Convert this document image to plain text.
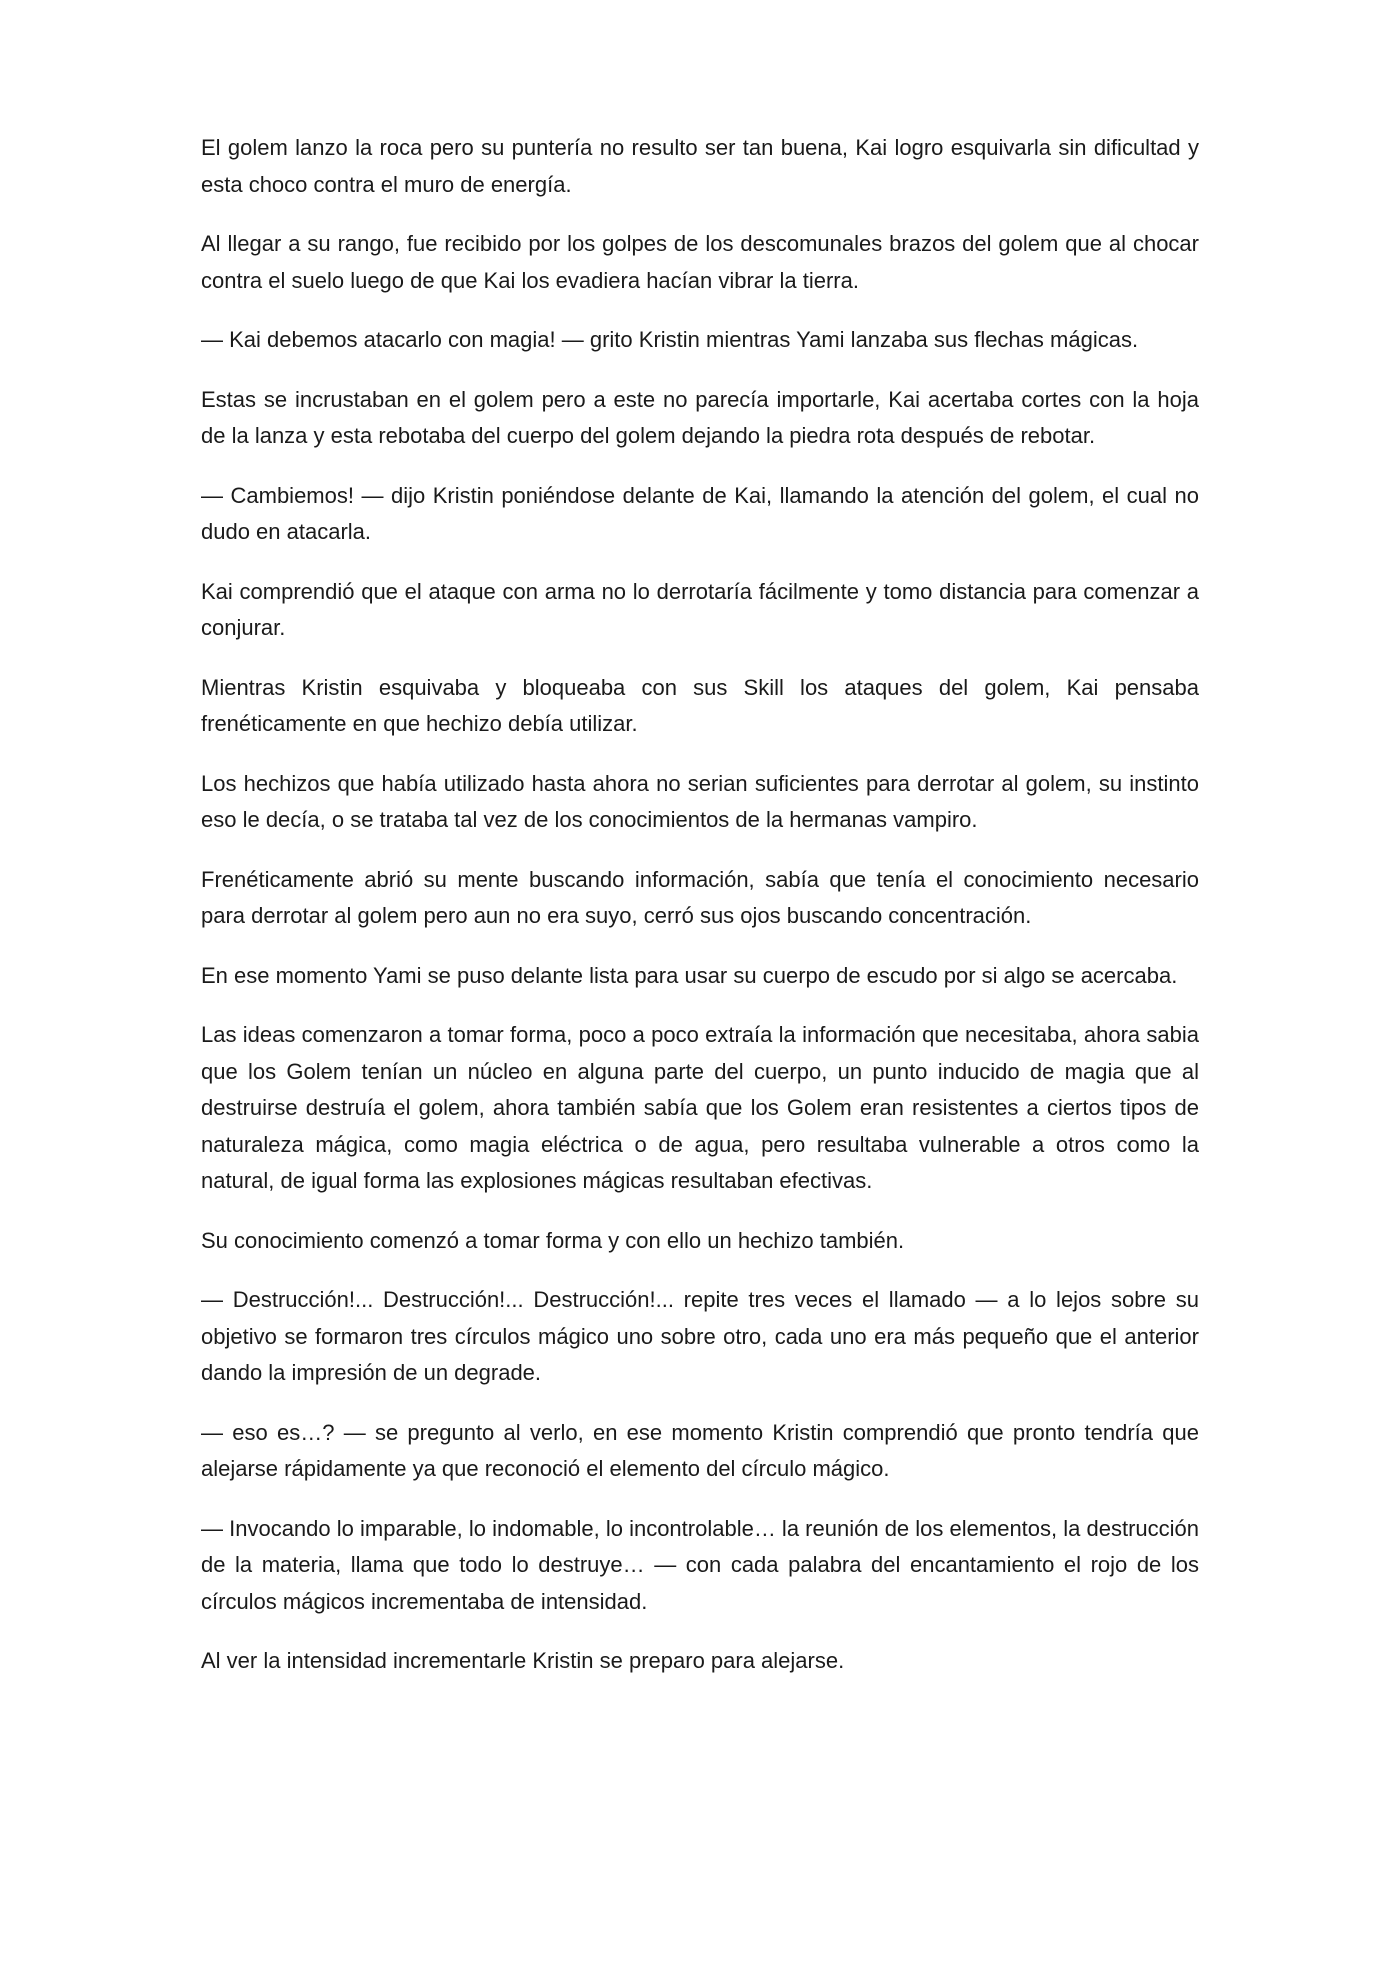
El golem lanzo la roca pero su puntería no resulto ser tan buena, Kai logro esquivarla sin dificultad y esta choco contra el muro de energía.

Al llegar a su rango, fue recibido por los golpes de los descomunales brazos del golem que al chocar contra el suelo luego de que Kai los evadiera hacían vibrar la tierra.

— Kai debemos atacarlo con magia! — grito Kristin mientras Yami lanzaba sus flechas mágicas.

Estas se incrustaban en el golem pero a este no parecía importarle, Kai acertaba cortes con la hoja de la lanza y esta rebotaba del cuerpo del golem dejando la piedra rota después de rebotar.

— Cambiemos! — dijo Kristin poniéndose delante de Kai, llamando la atención del golem, el cual no dudo en atacarla.

Kai comprendió que el ataque con arma no lo derrotaría fácilmente y tomo distancia para comenzar a conjurar.

Mientras Kristin esquivaba y bloqueaba con sus Skill los ataques del golem, Kai pensaba frenéticamente en que hechizo debía utilizar.

Los hechizos que había utilizado hasta ahora no serian suficientes para derrotar al golem, su instinto eso le decía, o se trataba tal vez de los conocimientos de la hermanas vampiro.

Frenéticamente abrió su mente buscando información, sabía que tenía el conocimiento necesario para derrotar al golem pero aun no era suyo, cerró sus ojos buscando concentración.

En ese momento Yami se puso delante lista para usar su cuerpo de escudo por si algo se acercaba.

Las ideas comenzaron a tomar forma, poco a poco extraía la información que necesitaba, ahora sabia que los Golem tenían un núcleo en alguna parte del cuerpo, un punto inducido de magia que al destruirse destruía el golem, ahora también sabía que los Golem eran resistentes a ciertos tipos de naturaleza mágica, como magia eléctrica o de agua, pero resultaba vulnerable a otros como la natural, de igual forma las explosiones mágicas resultaban efectivas.

Su conocimiento comenzó a tomar forma y con ello un hechizo también.

— Destrucción!... Destrucción!... Destrucción!... repite tres veces el llamado — a lo lejos sobre su objetivo se formaron tres círculos mágico uno sobre otro, cada uno era más pequeño que el anterior dando la impresión de un degrade.

— eso es…? — se pregunto al verlo, en ese momento Kristin comprendió que pronto tendría que alejarse rápidamente ya que reconoció el elemento del círculo mágico.

— Invocando lo imparable, lo indomable, lo incontrolable… la reunión de los elementos, la destrucción de la materia, llama que todo lo destruye… — con cada palabra del encantamiento el rojo de los círculos mágicos incrementaba de intensidad.

Al ver la intensidad incrementarle Kristin se preparo para alejarse.
